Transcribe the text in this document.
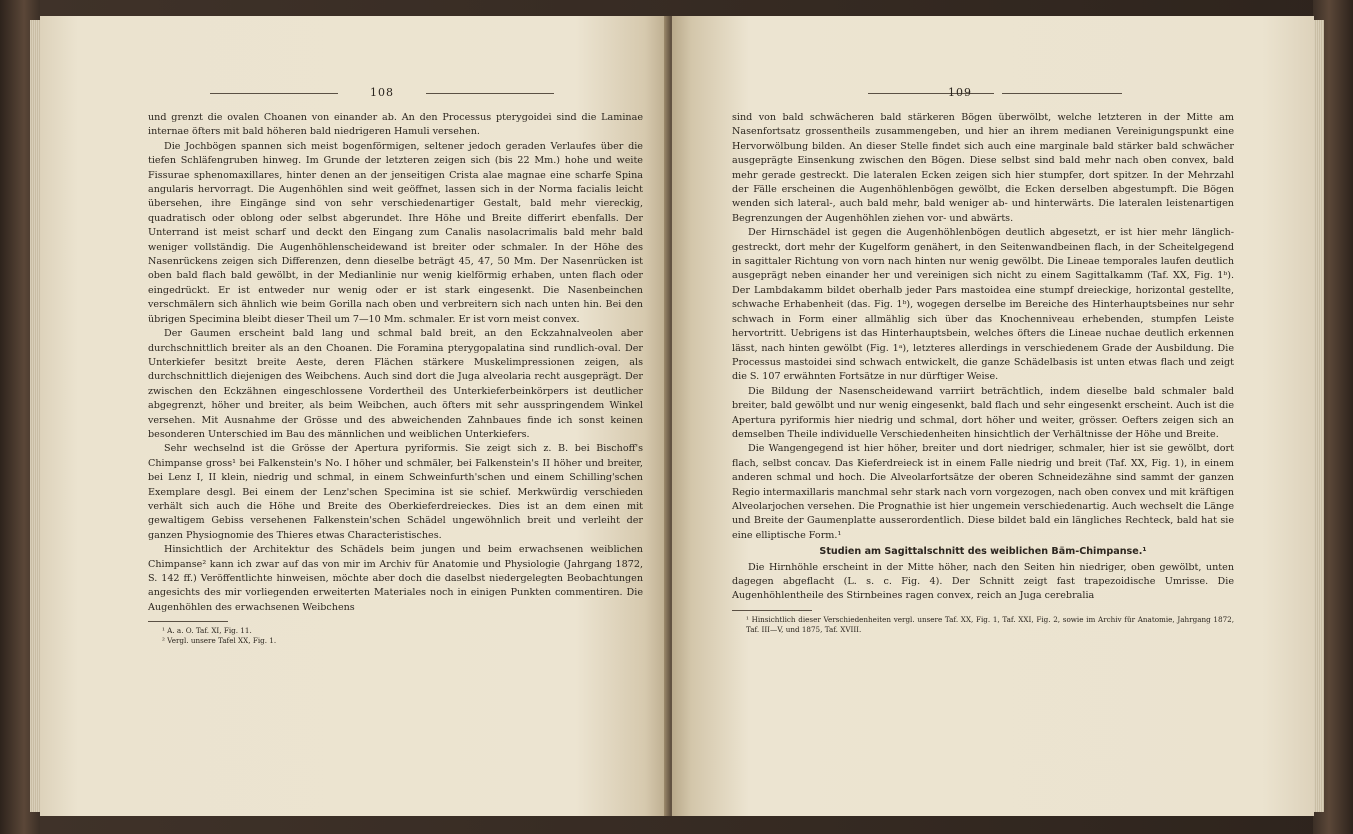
108

und grenzt die ovalen Choanen von einander ab. An den Processus pterygoidei sind die Laminae internae öfters mit bald höheren bald niedrigeren Hamuli versehen.

Die Jochbögen spannen sich meist bogenförmigen, seltener jedoch geraden Verlaufes über die tiefen Schläfengruben hinweg. Im Grunde der letzteren zeigen sich (bis 22 Mm.) hohe und weite Fissurae sphenomaxillares, hinter denen an der jenseitigen Crista alae magnae eine scharfe Spina angularis hervorragt. Die Augenhöhlen sind weit geöffnet, lassen sich in der Norma facialis leicht übersehen, ihre Eingänge sind von sehr verschiedenartiger Gestalt, bald mehr viereckig, quadratisch oder oblong oder selbst abgerundet. Ihre Höhe und Breite differirt ebenfalls. Der Unterrand ist meist scharf und deckt den Eingang zum Canalis nasolacrimalis bald mehr bald weniger vollständig. Die Augenhöhlenscheidewand ist breiter oder schmaler. In der Höhe des Nasenrückens zeigen sich Differenzen, denn dieselbe beträgt 45, 47, 50 Mm. Der Nasenrücken ist oben bald flach bald gewölbt, in der Medianlinie nur wenig kielförmig erhaben, unten flach oder eingedrückt. Er ist entweder nur wenig oder er ist stark eingesenkt. Die Nasenbeinchen verschmälern sich ähnlich wie beim Gorilla nach oben und verbreitern sich nach unten hin. Bei den übrigen Specimina bleibt dieser Theil um 7—10 Mm. schmaler. Er ist vorn meist convex.

Der Gaumen erscheint bald lang und schmal bald breit, an den Eckzahnalveolen aber durchschnittlich breiter als an den Choanen. Die Foramina pterygopalatina sind rundlich-oval. Der Unterkiefer besitzt breite Aeste, deren Flächen stärkere Muskelimpressionen zeigen, als durchschnittlich diejenigen des Weibchens. Auch sind dort die Juga alveolaria recht ausgeprägt. Der zwischen den Eckzähnen eingeschlossene Vordertheil des Unterkieferbeinkörpers ist deutlicher abgegrenzt, höher und breiter, als beim Weibchen, auch öfters mit sehr ausspringendem Winkel versehen. Mit Ausnahme der Grösse und des abweichenden Zahnbaues finde ich sonst keinen besonderen Unterschied im Bau des männlichen und weiblichen Unterkiefers.

Sehr wechselnd ist die Grösse der Apertura pyriformis. Sie zeigt sich z. B. bei Bischoff's Chimpanse gross¹ bei Falkenstein's No. I höher und schmäler, bei Falkenstein's II höher und breiter, bei Lenz I, II klein, niedrig und schmal, in einem Schweinfurth'schen und einem Schilling'schen Exemplare desgl. Bei einem der Lenz'schen Specimina ist sie schief. Merkwürdig verschieden verhält sich auch die Höhe und Breite des Oberkieferdreieckes. Dies ist an dem einen mit gewaltigem Gebiss versehenen Falkenstein'schen Schädel ungewöhnlich breit und verleiht der ganzen Physiognomie des Thieres etwas Characteristisches.

Hinsichtlich der Architektur des Schädels beim jungen und beim erwachsenen weiblichen Chimpanse² kann ich zwar auf das von mir im Archiv für Anatomie und Physiologie (Jahrgang 1872, S. 142 ff.) Veröffentlichte hinweisen, möchte aber doch die daselbst niedergelegten Beobachtungen angesichts des mir vorliegenden erweiterten Materiales noch in einigen Punkten commentiren. Die Augenhöhlen des erwachsenen Weibchens

¹ A. a. O. Taf. XI, Fig. 11.
² Vergl. unsere Tafel XX, Fig. 1.
109

sind von bald schwächeren bald stärkeren Bögen überwölbt, welche letzteren in der Mitte am Nasenfortsatz grossentheils zusammengeben, und hier an ihrem medianen Vereinigungspunkt eine Hervorwölbung bilden. An dieser Stelle findet sich auch eine marginale bald stärker bald schwächer ausgeprägte Einsenkung zwischen den Bögen. Diese selbst sind bald mehr nach oben convex, bald mehr gerade gestreckt. Die lateralen Ecken zeigen sich hier stumpfer, dort spitzer. In der Mehrzahl der Fälle erscheinen die Augenhöhlenbögen gewölbt, die Ecken derselben abgestumpft. Die Bögen wenden sich lateral-, auch bald mehr, bald weniger ab- und hinterwärts. Die lateralen leistenartigen Begrenzungen der Augenhöhlen ziehen vor- und abwärts.

Der Hirnschädel ist gegen die Augenhöhlenbögen deutlich abgesetzt, er ist hier mehr länglich-gestreckt, dort mehr der Kugelform genähert, in den Seitenwandbeinen flach, in der Scheitelgegend in sagittaler Richtung von vorn nach hinten nur wenig gewölbt. Die Lineae temporales laufen deutlich ausgeprägt neben einander her und vereinigen sich nicht zu einem Sagittalkamm (Taf. XX, Fig. 1ᵇ). Der Lambdakamm bildet oberhalb jeder Pars mastoidea eine stumpf dreieckige, horizontal gestellte, schwache Erhabenheit (das. Fig. 1ᵇ), wogegen derselbe im Bereiche des Hinterhauptsbeines nur sehr schwach in Form einer allmählig sich über das Knochenniveau erhebenden, stumpfen Leiste hervortritt. Uebrigens ist das Hinterhauptsbein, welches öfters die Lineae nuchae deutlich erkennen lässt, nach hinten gewölbt (Fig. 1ᵃ), letzteres allerdings in verschiedenem Grade der Ausbildung. Die Processus mastoidei sind schwach entwickelt, die ganze Schädelbasis ist unten etwas flach und zeigt die S. 107 erwähnten Fortsätze in nur dürftiger Weise.

Die Bildung der Nasenscheidewand varriirt beträchtlich, indem dieselbe bald schmaler bald breiter, bald gewölbt und nur wenig eingesenkt, bald flach und sehr eingesenkt erscheint. Auch ist die Apertura pyriformis hier niedrig und schmal, dort höher und weiter, grösser. Oefters zeigen sich an demselben Theile individuelle Verschiedenheiten hinsichtlich der Verhältnisse der Höhe und Breite.

Die Wangengegend ist hier höher, breiter und dort niedriger, schmaler, hier ist sie gewölbt, dort flach, selbst concav. Das Kieferdreieck ist in einem Falle niedrig und breit (Taf. XX, Fig. 1), in einem anderen schmal und hoch. Die Alveolarfortsätze der oberen Schneidezähne sind sammt der ganzen Regio intermaxillaris manchmal sehr stark nach vorn vorgezogen, nach oben convex und mit kräftigen Alveolarjochen versehen. Die Prognathie ist hier ungemein verschiedenartig. Auch wechselt die Länge und Breite der Gaumenplatte ausserordentlich. Diese bildet bald ein längliches Rechteck, bald hat sie eine elliptische Form.¹

Studien am Sagittalschnitt des weiblichen Bäm-Chimpanse.¹

Die Hirnhöhle erscheint in der Mitte höher, nach den Seiten hin niedriger, oben gewölbt, unten dagegen abgeflacht (L. s. c. Fig. 4). Der Schnitt zeigt fast trapezoidische Umrisse. Die Augenhöhlentheile des Stirnbeines ragen convex, reich an Juga cerebralia

¹ Hinsichtlich dieser Verschiedenheiten vergl. unsere Taf. XX, Fig. 1, Taf. XXI, Fig. 2, sowie im Archiv für Anatomie, Jahrgang 1872, Taf. III—V, und 1875, Taf. XVIII.
